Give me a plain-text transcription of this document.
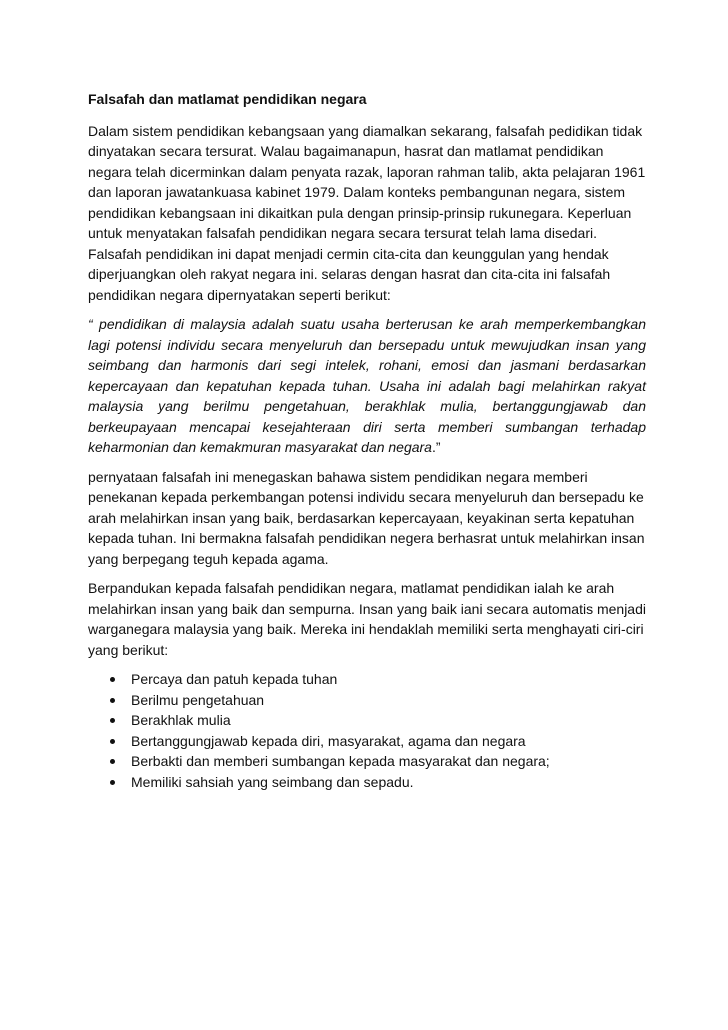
Falsafah dan matlamat pendidikan negara

Dalam sistem pendidikan kebangsaan yang diamalkan sekarang, falsafah pedidikan tidak dinyatakan secara tersurat. Walau bagaimanapun, hasrat dan matlamat pendidikan negara telah dicerminkan dalam penyata razak, laporan rahman talib, akta pelajaran 1961 dan laporan jawatankuasa kabinet 1979. Dalam konteks pembangunan negara, sistem pendidikan kebangsaan ini dikaitkan pula dengan prinsip-prinsip rukunegara. Keperluan untuk menyatakan falsafah pendidikan negara secara tersurat telah lama disedari. Falsafah pendidikan ini dapat menjadi cermin cita-cita dan keunggulan yang hendak diperjuangkan oleh rakyat negara ini. selaras dengan hasrat dan cita-cita ini falsafah pendidikan negara dipernyatakan seperti berikut:

“ pendidikan di malaysia adalah suatu usaha berterusan ke arah memperkembangkan lagi potensi individu secara menyeluruh dan bersepadu untuk mewujudkan insan yang seimbang dan harmonis dari segi intelek, rohani, emosi dan jasmani berdasarkan kepercayaan dan kepatuhan kepada tuhan. Usaha ini adalah bagi melahirkan rakyat malaysia yang berilmu pengetahuan, berakhlak mulia, bertanggungjawab dan berkeupayaan mencapai kesejahteraan diri serta memberi sumbangan terhadap keharmonian dan kemakmuran masyarakat dan negara.”

pernyataan falsafah ini menegaskan bahawa sistem pendidikan negara memberi penekanan kepada perkembangan potensi individu secara menyeluruh dan bersepadu ke arah melahirkan insan yang baik, berdasarkan kepercayaan, keyakinan serta kepatuhan kepada tuhan. Ini bermakna falsafah pendidikan negera berhasrat untuk melahirkan insan yang berpegang teguh kepada agama.

Berpandukan kepada falsafah pendidikan negara, matlamat pendidikan ialah ke arah melahirkan insan yang baik dan sempurna. Insan yang baik iani secara automatis menjadi warganegara malaysia yang baik. Mereka ini hendaklah memiliki serta menghayati ciri-ciri yang berikut:

Percaya dan patuh kepada tuhan
Berilmu pengetahuan
Berakhlak mulia
Bertanggungjawab kepada diri, masyarakat, agama dan negara
Berbakti dan memberi sumbangan kepada masyarakat dan negara;
Memiliki sahsiah yang seimbang dan sepadu.
